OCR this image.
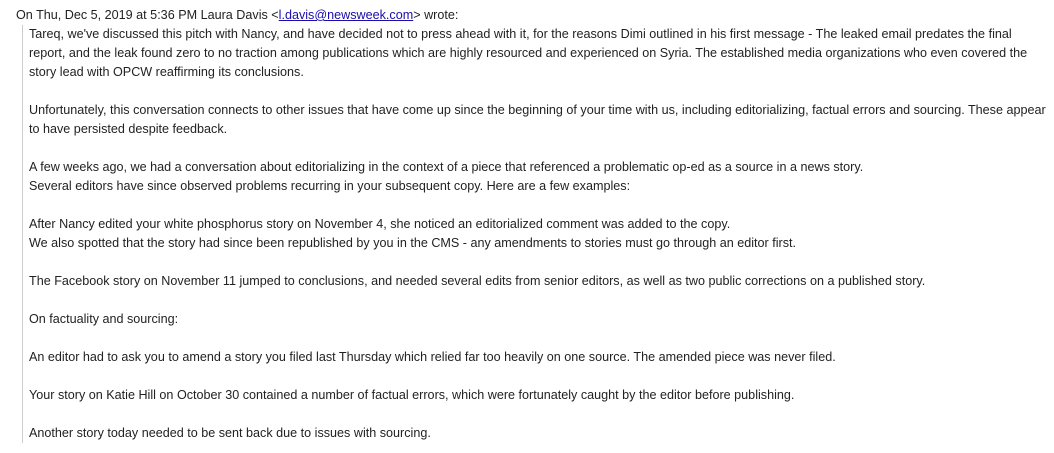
On Thu, Dec 5, 2019 at 5:36 PM Laura Davis <l.davis@newsweek.com> wrote:
Tareq, we've discussed this pitch with Nancy, and have decided not to press ahead with it, for the reasons Dimi outlined in his first message - The leaked email predates the final report, and the leak found zero to no traction among publications which are highly resourced and experienced on Syria. The established media organizations who even covered the story lead with OPCW reaffirming its conclusions.
Unfortunately, this conversation connects to other issues that have come up since the beginning of your time with us, including editorializing, factual errors and sourcing. These appear to have persisted despite feedback.
A few weeks ago, we had a conversation about editorializing in the context of a piece that referenced a problematic op-ed as a source in a news story.
Several editors have since observed problems recurring in your subsequent copy. Here are a few examples:
After Nancy edited your white phosphorus story on November 4, she noticed an editorialized comment was added to the copy.
We also spotted that the story had since been republished by you in the CMS - any amendments to stories must go through an editor first.
The Facebook story on November 11 jumped to conclusions, and needed several edits from senior editors, as well as two public corrections on a published story.
On factuality and sourcing:
An editor had to ask you to amend a story you filed last Thursday which relied far too heavily on one source. The amended piece was never filed.
Your story on Katie Hill on October 30 contained a number of factual errors, which were fortunately caught by the editor before publishing.
Another story today needed to be sent back due to issues with sourcing.
